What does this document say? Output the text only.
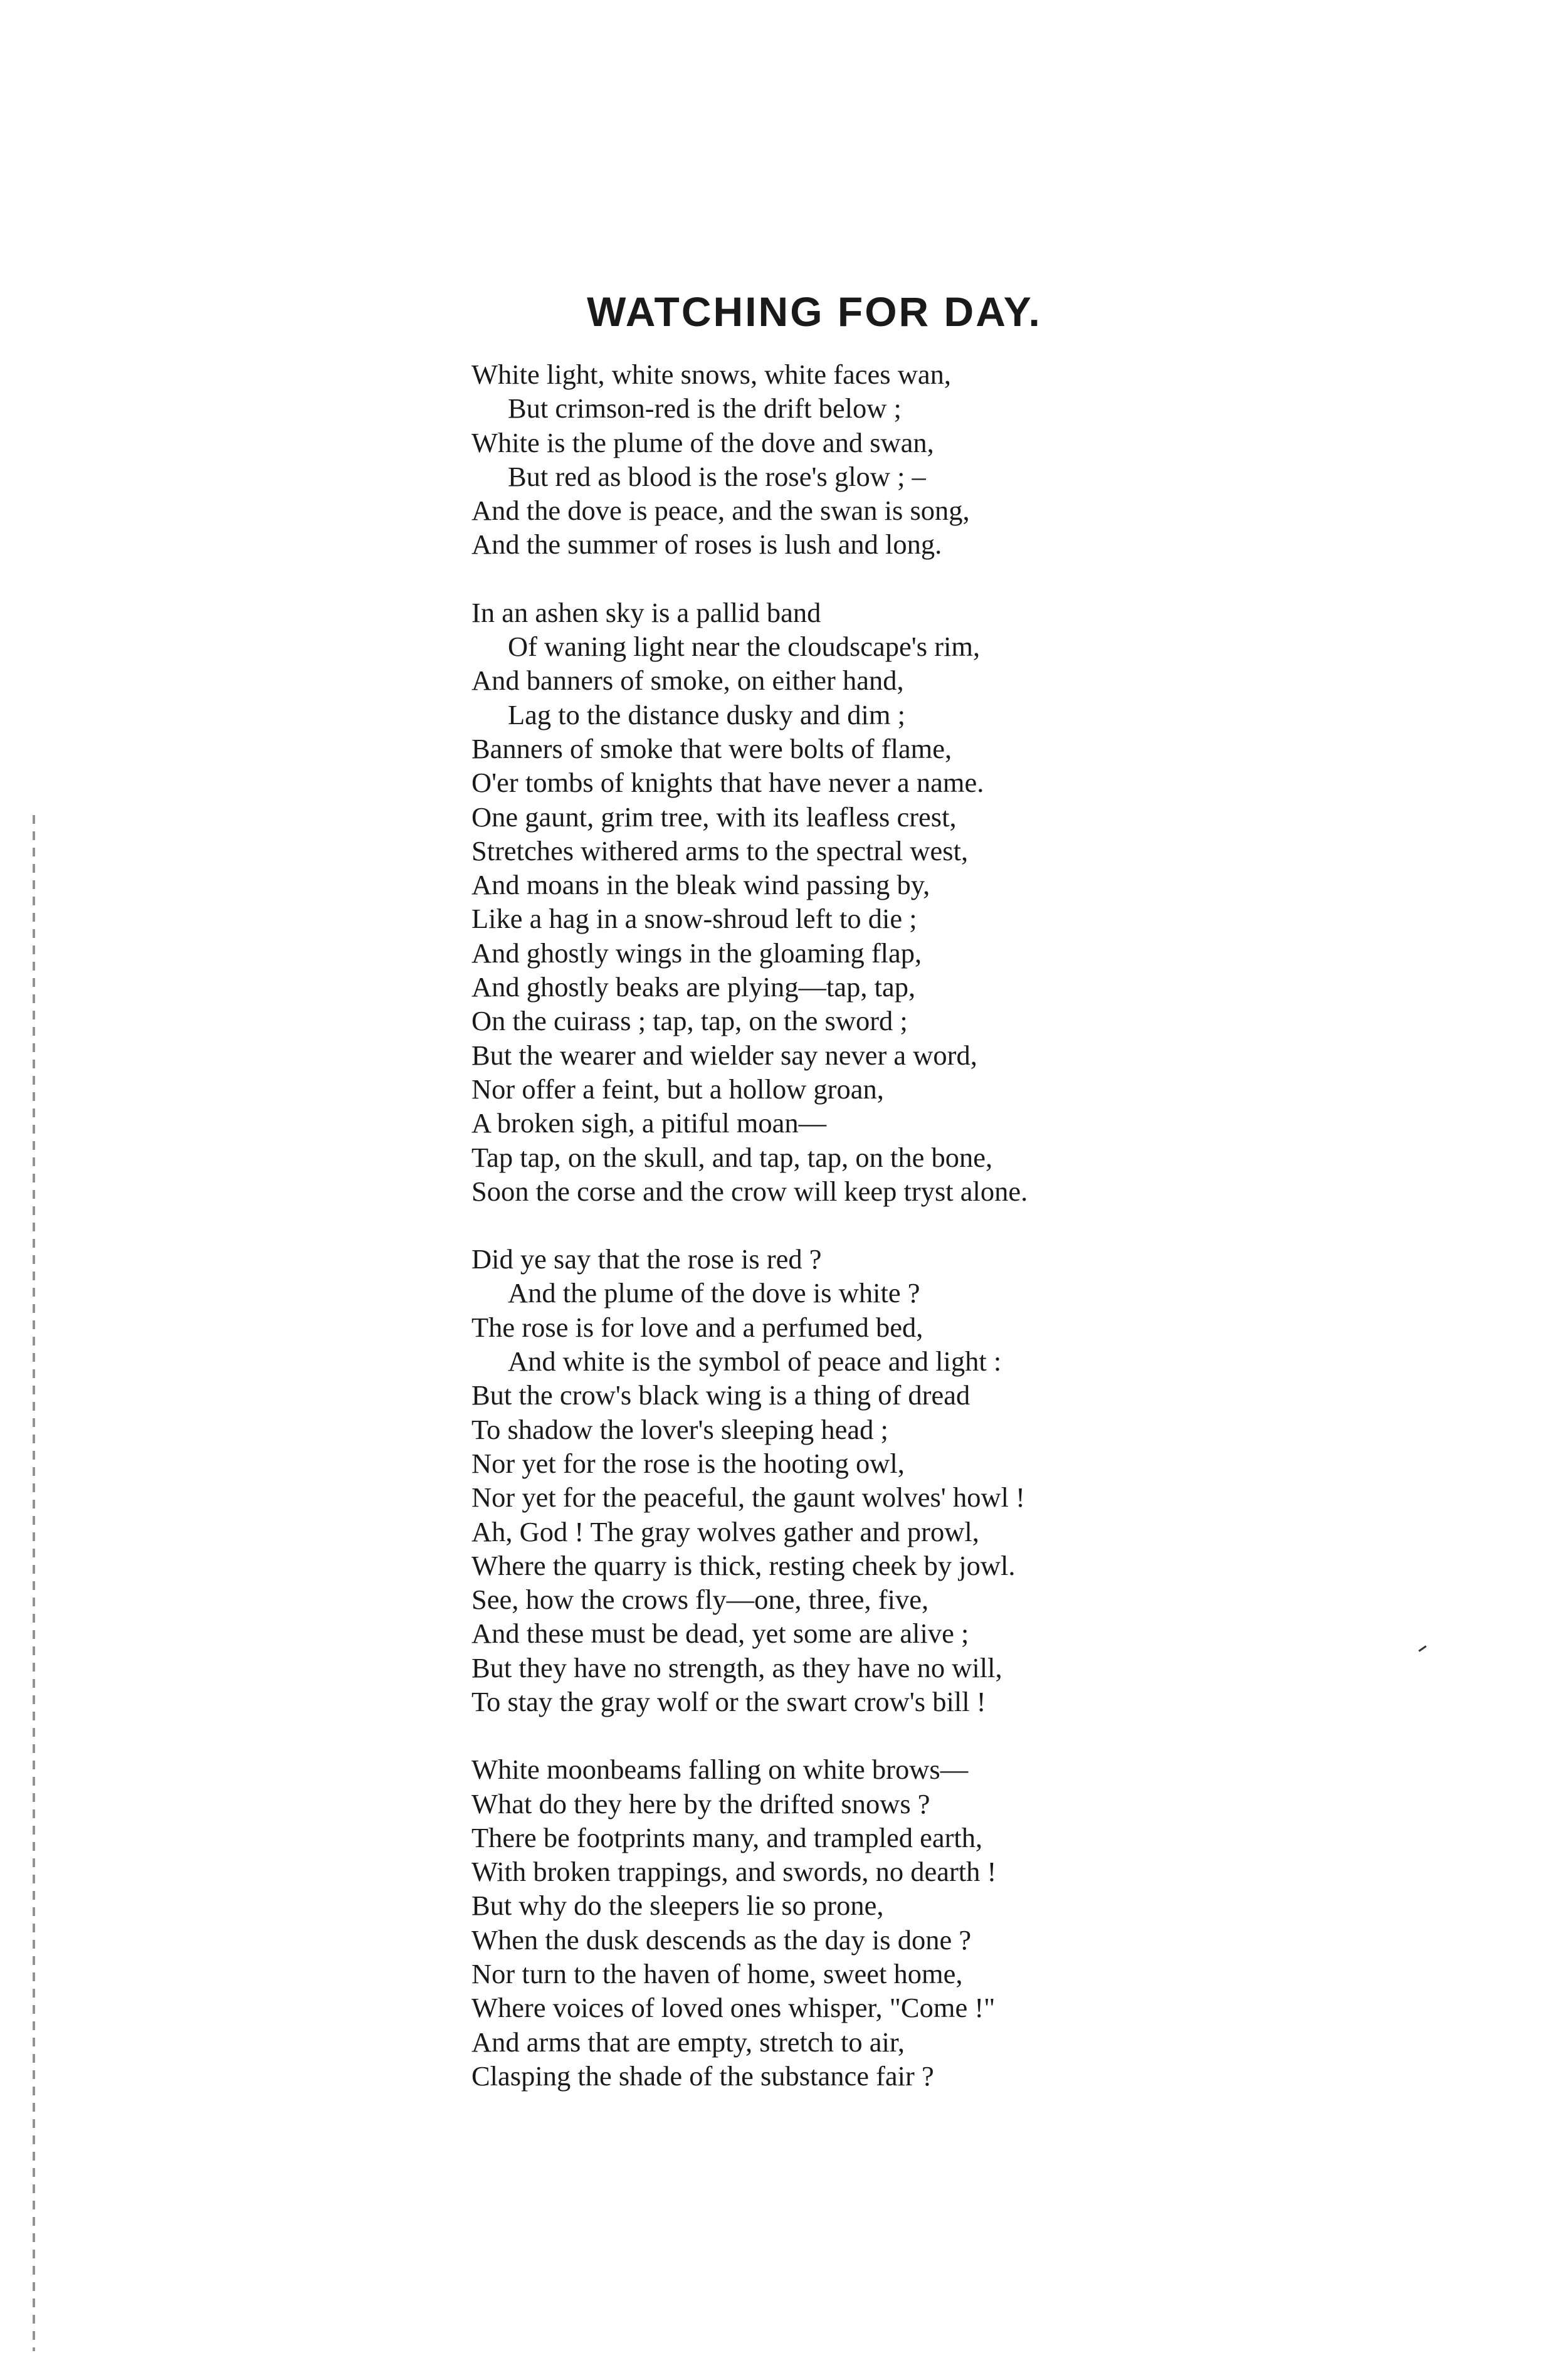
WATCHING FOR DAY.
White light, white snows, white faces wan,
But crimson-red is the drift below ;
White is the plume of the dove and swan,
But red as blood is the rose's glow ; –
And the dove is peace, and the swan is song,
And the summer of roses is lush and long.
In an ashen sky is a pallid band
Of waning light near the cloudscape's rim,
And banners of smoke, on either hand,
Lag to the distance dusky and dim ;
Banners of smoke that were bolts of flame,
O'er tombs of knights that have never a name.
One gaunt, grim tree, with its leafless crest,
Stretches withered arms to the spectral west,
And moans in the bleak wind passing by,
Like a hag in a snow-shroud left to die ;
And ghostly wings in the gloaming flap,
And ghostly beaks are plying—tap, tap,
On the cuirass ; tap, tap, on the sword ;
But the wearer and wielder say never a word,
Nor offer a feint, but a hollow groan,
A broken sigh, a pitiful moan—
Tap tap, on the skull, and tap, tap, on the bone,
Soon the corse and the crow will keep tryst alone.
Did ye say that the rose is red ?
And the plume of the dove is white ?
The rose is for love and a perfumed bed,
And white is the symbol of peace and light :
But the crow's black wing is a thing of dread
To shadow the lover's sleeping head ;
Nor yet for the rose is the hooting owl,
Nor yet for the peaceful, the gaunt wolves' howl !
Ah, God ! The gray wolves gather and prowl,
Where the quarry is thick, resting cheek by jowl.
See, how the crows fly—one, three, five,
And these must be dead, yet some are alive ;
But they have no strength, as they have no will,
To stay the gray wolf or the swart crow's bill !
White moonbeams falling on white brows—
What do they here by the drifted snows ?
There be footprints many, and trampled earth,
With broken trappings, and swords, no dearth !
But why do the sleepers lie so prone,
When the dusk descends as the day is done ?
Nor turn to the haven of home, sweet home,
Where voices of loved ones whisper, "Come !"
And arms that are empty, stretch to air,
Clasping the shade of the substance fair ?
